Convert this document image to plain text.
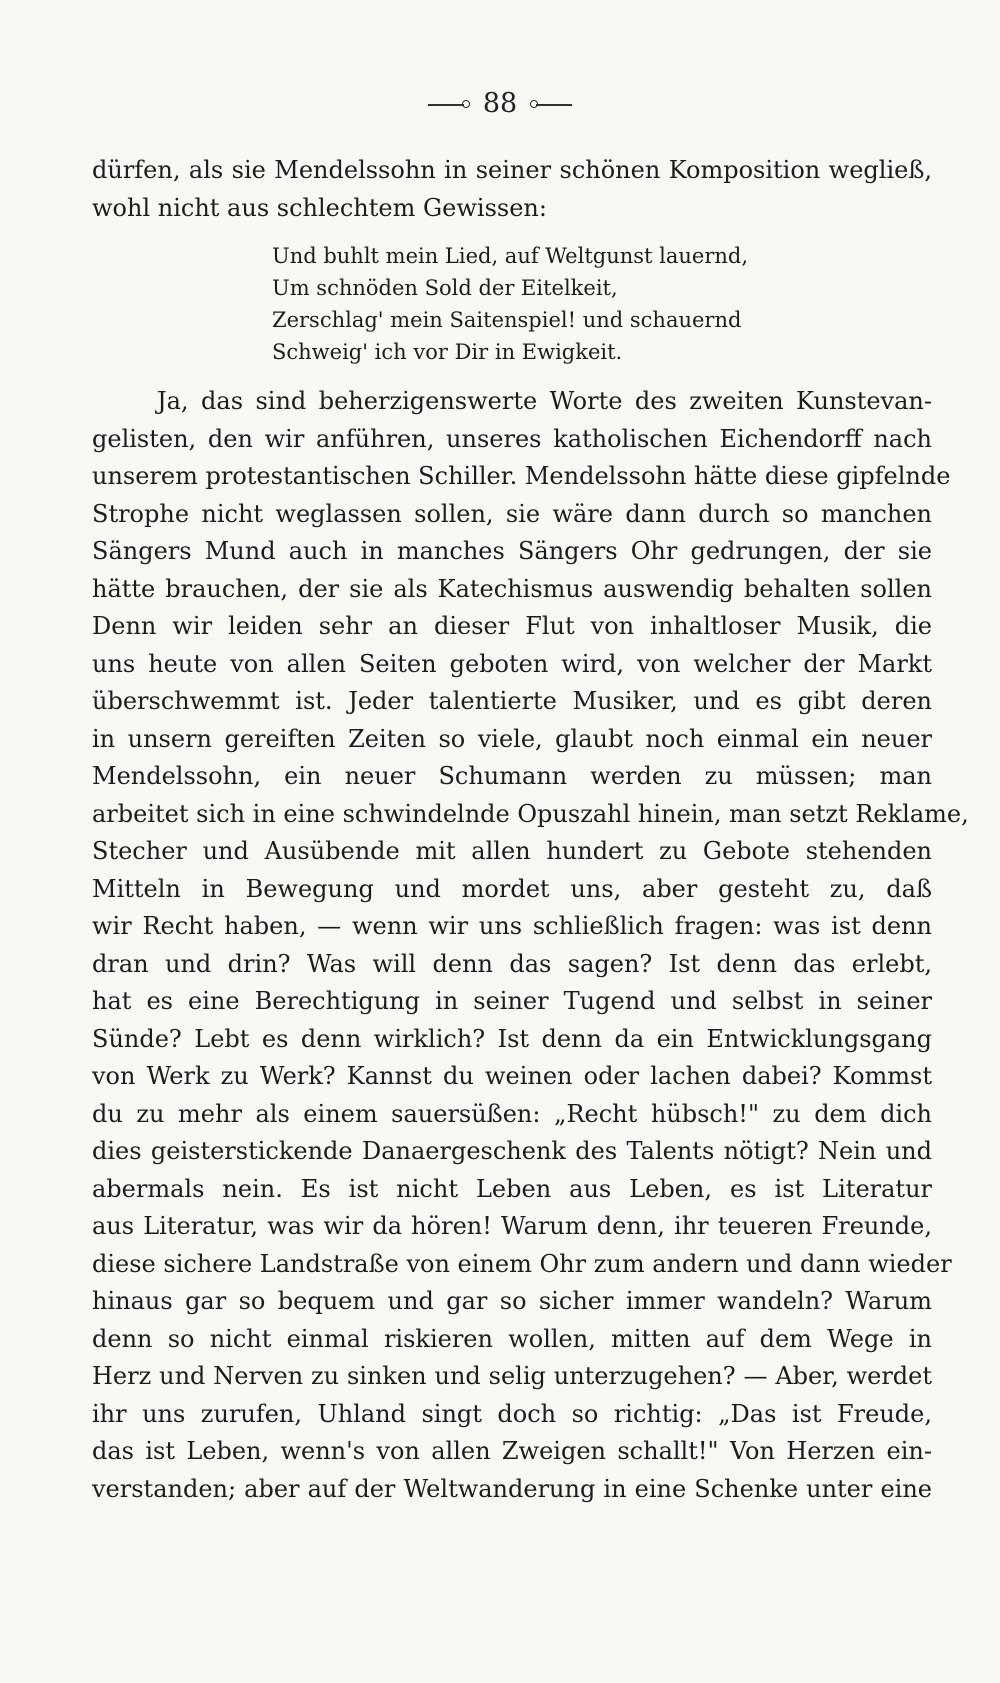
88
dürfen, als sie Mendelssohn in seiner schönen Komposition wegließ,
wohl nicht aus schlechtem Gewissen:
Und buhlt mein Lied, auf Weltgunst lauernd,
Um schnöden Sold der Eitelkeit,
Zerschlag' mein Saitenspiel! und schauernd
Schweig' ich vor Dir in Ewigkeit.
Ja, das sind beherzigenswerte Worte des zweiten Kunstevan-
gelisten, den wir anführen, unseres katholischen Eichendorff nach
unserem protestantischen Schiller. Mendelssohn hätte diese gipfelnde
Strophe nicht weglassen sollen, sie wäre dann durch so manchen
Sängers Mund auch in manches Sängers Ohr gedrungen, der sie
hätte brauchen, der sie als Katechismus auswendig behalten sollen
Denn wir leiden sehr an dieser Flut von inhaltloser Musik, die
uns heute von allen Seiten geboten wird, von welcher der Markt
überschwemmt ist. Jeder talentierte Musiker, und es gibt deren
in unsern gereiften Zeiten so viele, glaubt noch einmal ein neuer
Mendelssohn, ein neuer Schumann werden zu müssen; man
arbeitet sich in eine schwindelnde Opuszahl hinein, man setzt Reklame,
Stecher und Ausübende mit allen hundert zu Gebote stehenden
Mitteln in Bewegung und mordet uns, aber gesteht zu, daß
wir Recht haben, — wenn wir uns schließlich fragen: was ist denn
dran und drin? Was will denn das sagen? Ist denn das erlebt,
hat es eine Berechtigung in seiner Tugend und selbst in seiner
Sünde? Lebt es denn wirklich? Ist denn da ein Entwicklungsgang
von Werk zu Werk? Kannst du weinen oder lachen dabei? Kommst
du zu mehr als einem sauersüßen: „Recht hübsch!" zu dem dich
dies geisterstickende Danaergeschenk des Talents nötigt? Nein und
abermals nein. Es ist nicht Leben aus Leben, es ist Literatur
aus Literatur, was wir da hören! Warum denn, ihr teueren Freunde,
diese sichere Landstraße von einem Ohr zum andern und dann wieder
hinaus gar so bequem und gar so sicher immer wandeln? Warum
denn so nicht einmal riskieren wollen, mitten auf dem Wege in
Herz und Nerven zu sinken und selig unterzugehen? — Aber, werdet
ihr uns zurufen, Uhland singt doch so richtig: „Das ist Freude,
das ist Leben, wenn's von allen Zweigen schallt!" Von Herzen ein-
verstanden; aber auf der Weltwanderung in eine Schenke unter eine
